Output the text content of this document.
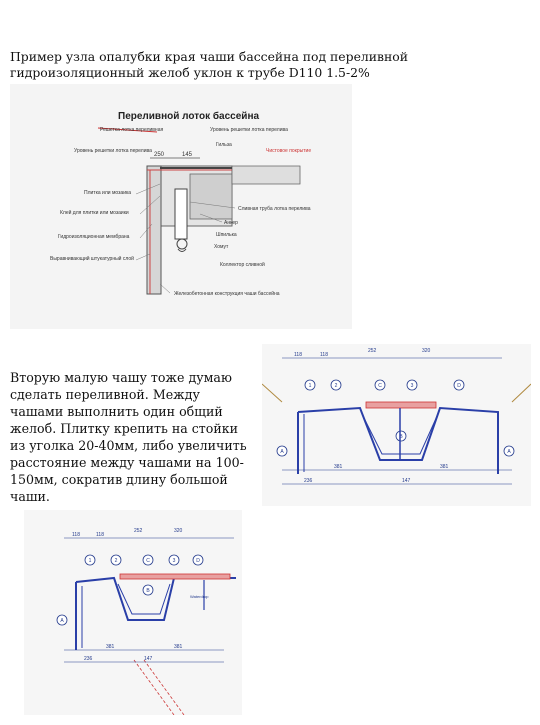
Пример узла опалубки края чаши бассейна под переливной гидроизоляционный желоб уклон к трубе D110 1.5-2%

Переливной лоток бассейна
250	145
Решетка лотка переливная
Уровень решетки лотка перелива
Плитка или мозаика
Клей для плитки или мозаики
Гидроизоляционная мембрана
Выравнивающий штукатурный слой
Уровень решетки лотка перелива
Гильза
Чистовое покрытие
Сливная труба лотка перелива
Анкер
Шпилька
Хомут
Коллектор сливной
Железобетонная конструкция чаши бассейна

Вторую малую чашу тоже думаю сделать переливной. Между чашами выполнить один общий желоб. Плитку крепить на стойки из уголка 20-40мм, либо увеличить расстояние между чашами на 100-150мм, сократив длину большой чаши.

118	118
252	320
1	2	C	3	D
A
B
A
381
236
381
147
118	118
252	320
1	2	C	3	D
A
B
Waterdrop
381
236
381
147
